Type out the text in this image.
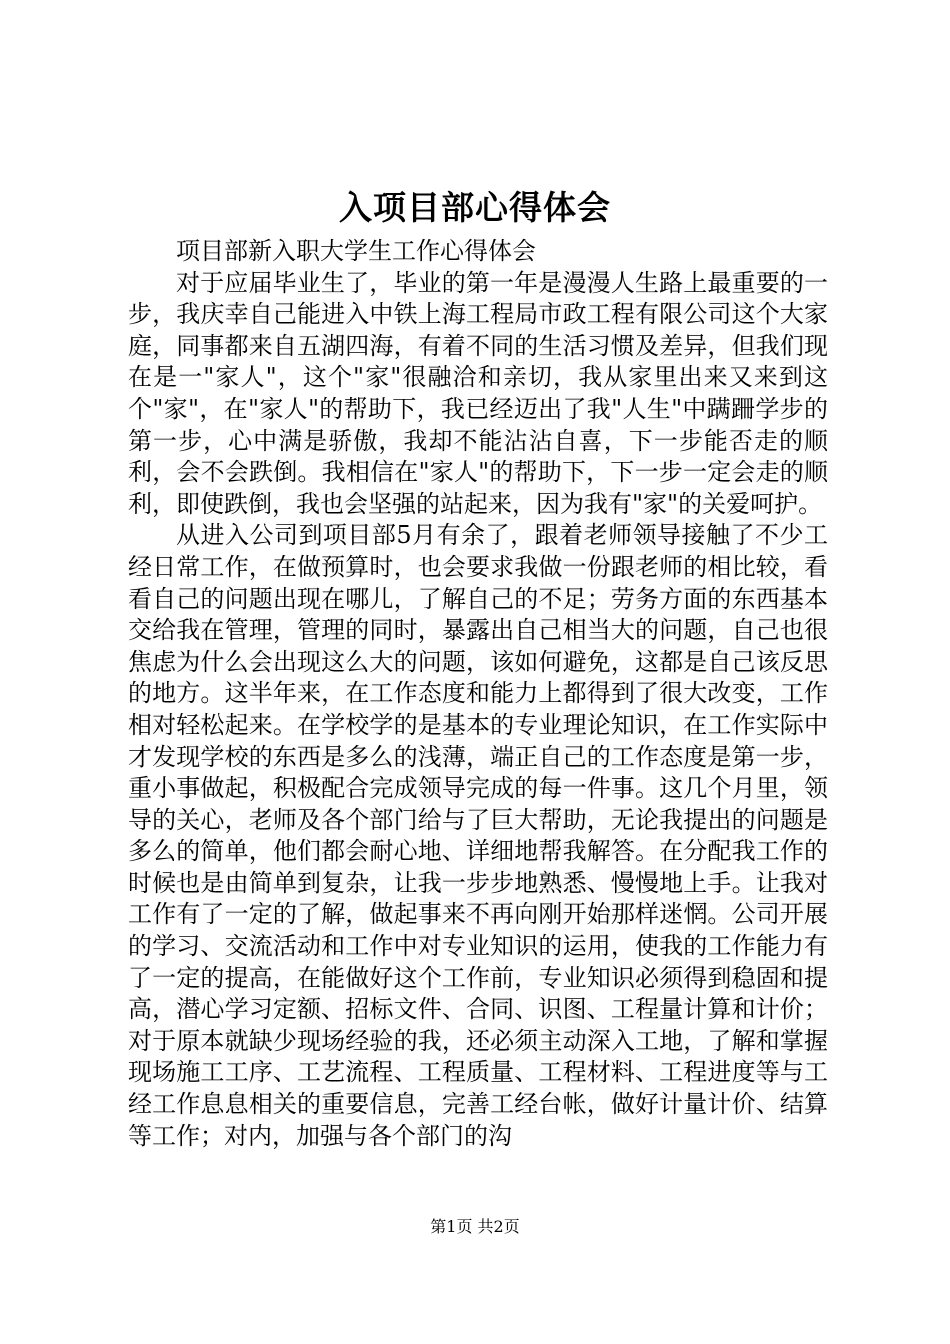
入项目部心得体会

项目部新入职大学生工作心得体会

对于应届毕业生了，毕业的第一年是漫漫人生路上最重要的一步，我庆幸自己能进入中铁上海工程局市政工程有限公司这个大家庭，同事都来自五湖四海，有着不同的生活习惯及差异，但我们现在是一"家人"，这个"家"很融洽和亲切，我从家里出来又来到这个"家"，在"家人"的帮助下，我已经迈出了我"人生"中蹒跚学步的第一步，心中满是骄傲，我却不能沾沾自喜，下一步能否走的顺利，会不会跌倒。我相信在"家人"的帮助下，下一步一定会走的顺利，即使跌倒，我也会坚强的站起来，因为我有"家"的关爱呵护。

从进入公司到项目部5月有余了，跟着老师领导接触了不少工经日常工作，在做预算时，也会要求我做一份跟老师的相比较，看看自己的问题出现在哪儿，了解自己的不足；劳务方面的东西基本交给我在管理，管理的同时，暴露出自己相当大的问题，自己也很焦虑为什么会出现这么大的问题，该如何避免，这都是自己该反思的地方。这半年来，在工作态度和能力上都得到了很大改变，工作相对轻松起来。在学校学的是基本的专业理论知识，在工作实际中才发现学校的东西是多么的浅薄，端正自己的工作态度是第一步，重小事做起，积极配合完成领导完成的每一件事。这几个月里，领导的关心，老师及各个部门给与了巨大帮助，无论我提出的问题是多么的简单，他们都会耐心地、详细地帮我解答。在分配我工作的时候也是由简单到复杂，让我一步步地熟悉、慢慢地上手。让我对工作有了一定的了解，做起事来不再向刚开始那样迷惘。公司开展的学习、交流活动和工作中对专业知识的运用，使我的工作能力有了一定的提高，在能做好这个工作前，专业知识必须得到稳固和提高，潜心学习定额、招标文件、合同、识图、工程量计算和计价；对于原本就缺少现场经验的我，还必须主动深入工地，了解和掌握现场施工工序、工艺流程、工程质量、工程材料、工程进度等与工经工作息息相关的重要信息，完善工经台帐，做好计量计价、结算等工作；对内，加强与各个部门的沟

第1页 共2页
